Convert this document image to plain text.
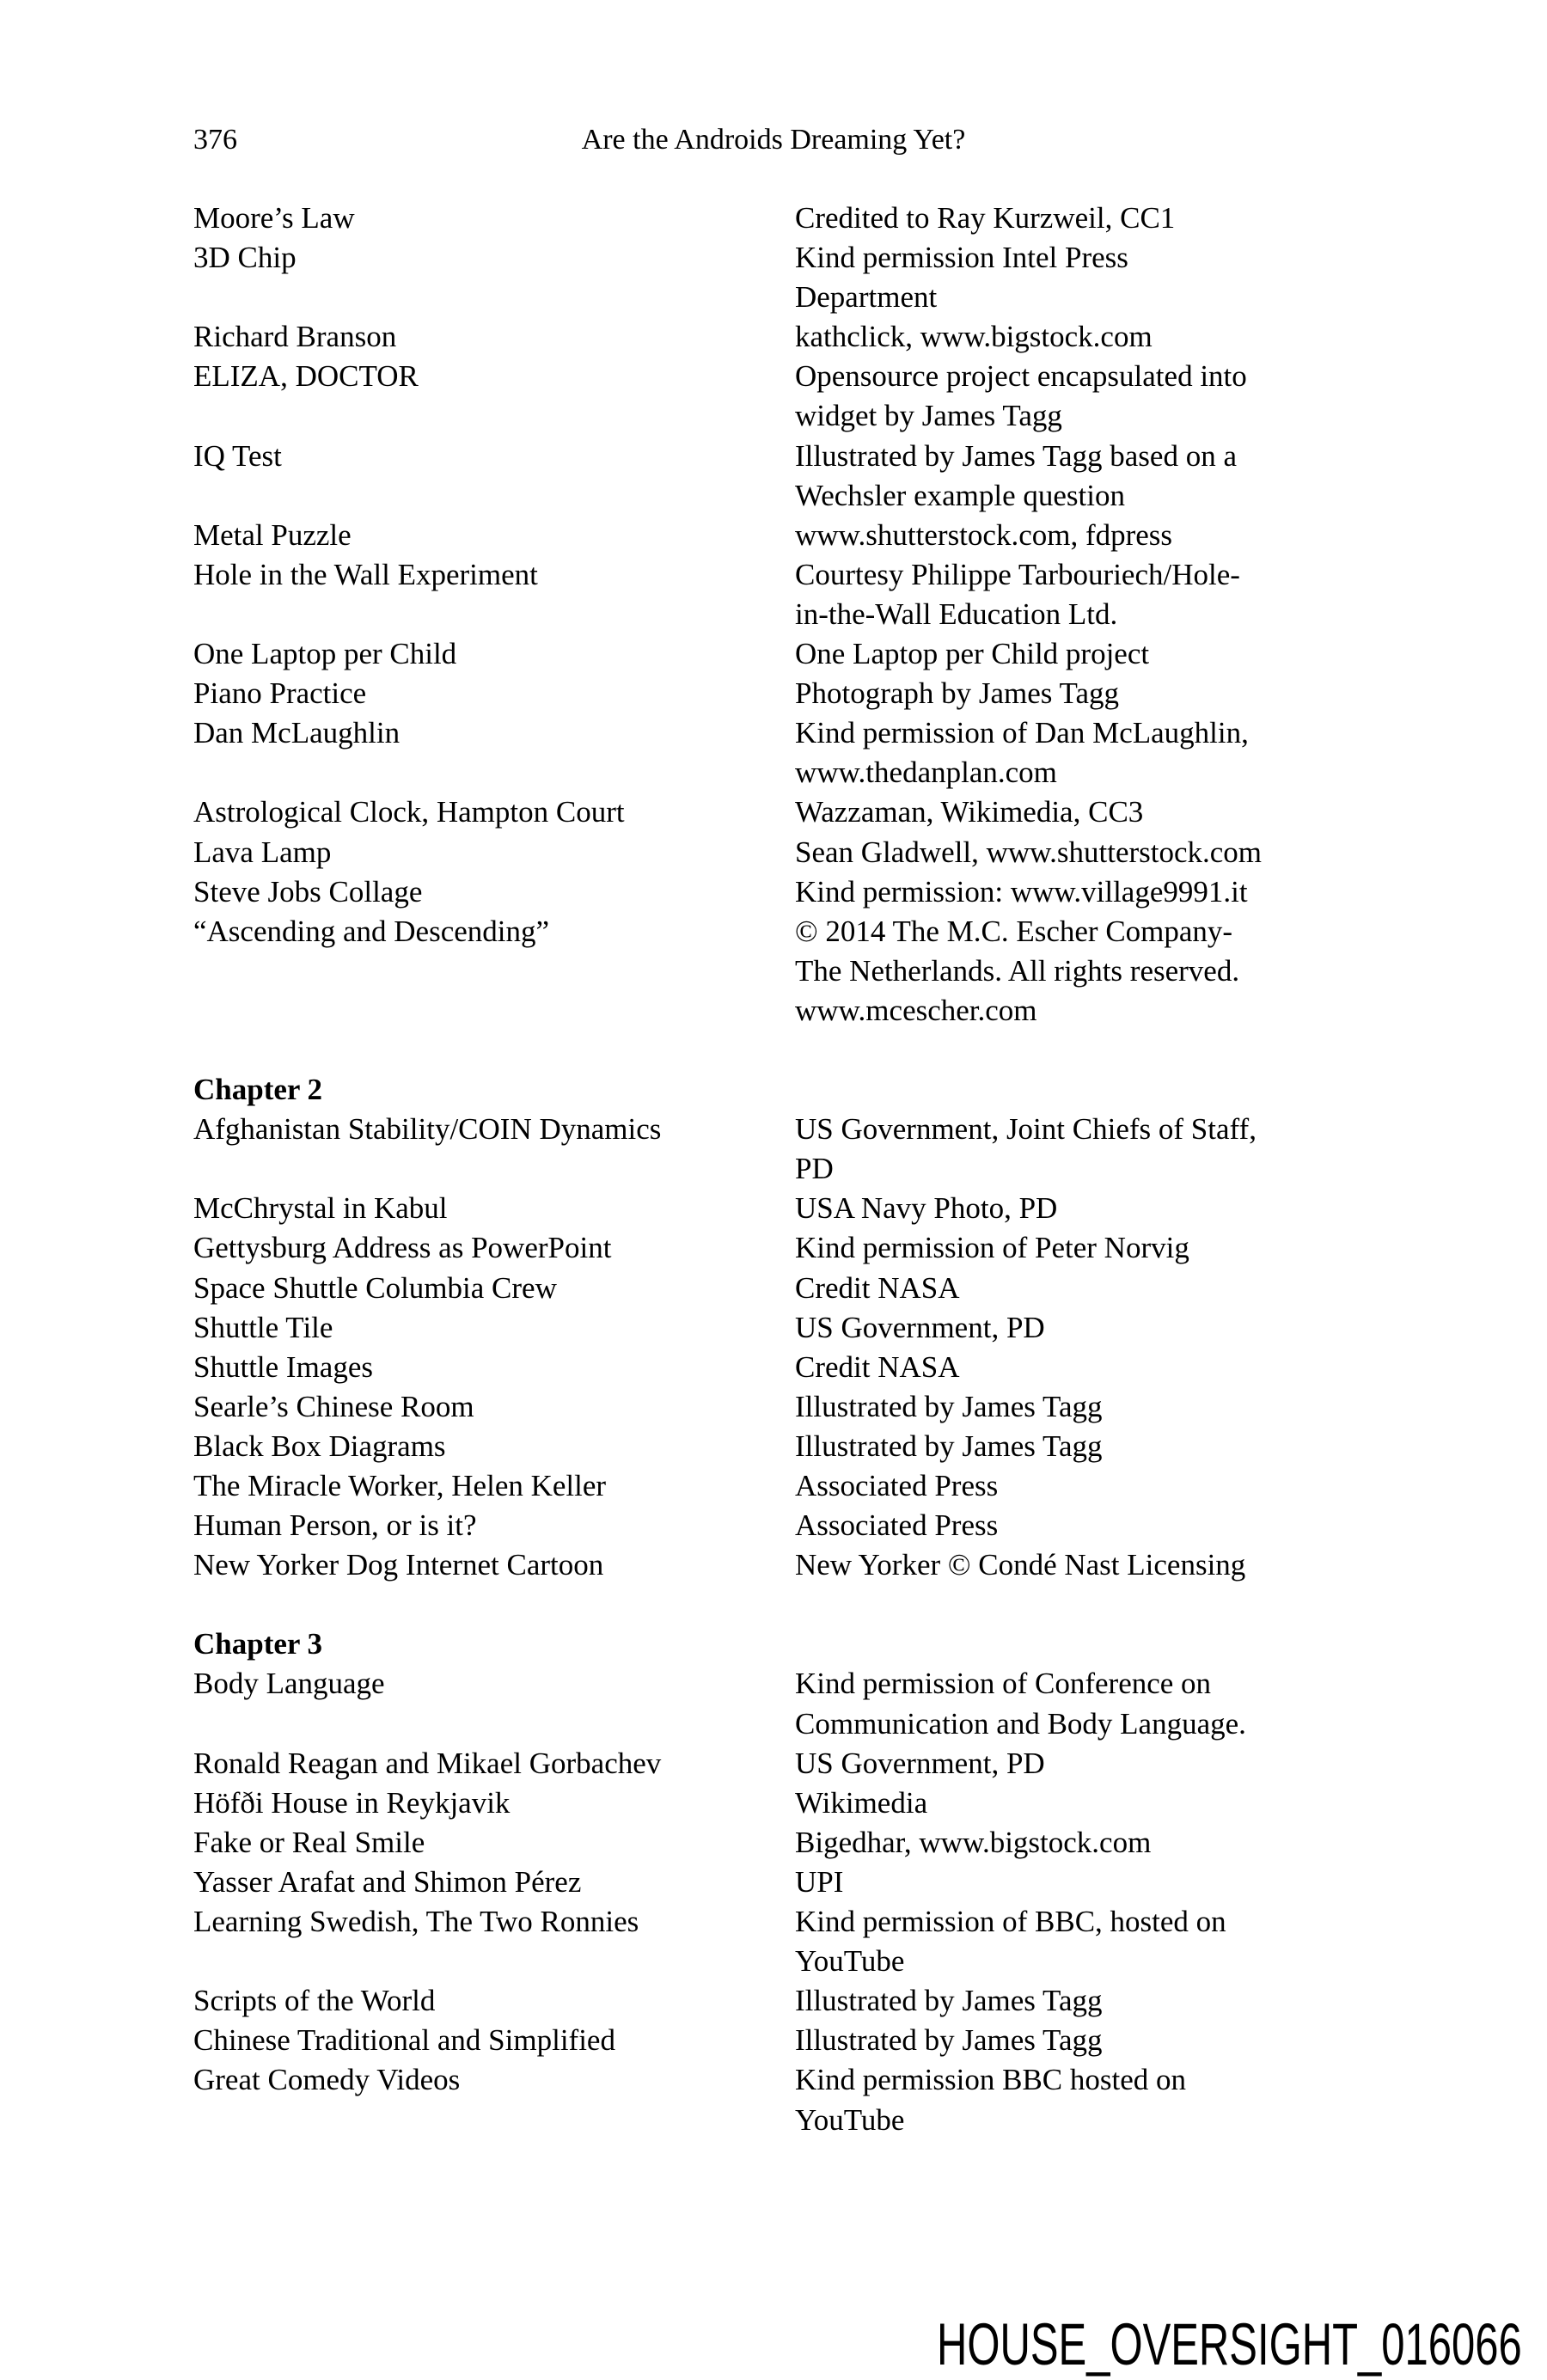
376	Are the Androids Dreaming Yet?
Moore’s Law	Credited to Ray Kurzweil, CC1
3D Chip	Kind permission Intel Press
Department
Richard Branson	kathclick, www.bigstock.com
ELIZA, DOCTOR	Opensource project encapsulated into
widget by James Tagg
IQ Test	Illustrated by James Tagg based on a
Wechsler example question
Metal Puzzle	www.shutterstock.com, fdpress
Hole in the Wall Experiment	Courtesy Philippe Tarbouriech/Hole-
in-the-Wall Education Ltd.
One Laptop per Child	One Laptop per Child project
Piano Practice	Photograph by James Tagg
Dan McLaughlin	Kind permission of Dan McLaughlin,
www.thedanplan.com
Astrological Clock, Hampton Court	Wazzaman, Wikimedia, CC3
Lava Lamp	Sean Gladwell, www.shutterstock.com
Steve Jobs Collage	Kind permission: www.village9991.it
“Ascending and Descending”	© 2014 The M.C. Escher Company-
The Netherlands. All rights reserved.
www.mcescher.com
Chapter 2
Afghanistan Stability/COIN Dynamics	US Government, Joint Chiefs of Staff,
PD
McChrystal in Kabul	USA Navy Photo, PD
Gettysburg Address as PowerPoint	Kind permission of Peter Norvig
Space Shuttle Columbia Crew	Credit NASA
Shuttle Tile	US Government, PD
Shuttle Images	Credit NASA
Searle’s Chinese Room	Illustrated by James Tagg
Black Box Diagrams	Illustrated by James Tagg
The Miracle Worker, Helen Keller	Associated Press
Human Person, or is it?	Associated Press
New Yorker Dog Internet Cartoon	New Yorker © Condé Nast Licensing
Chapter 3
Body Language	Kind permission of Conference on
Communication and Body Language.
Ronald Reagan and Mikael Gorbachev	US Government, PD
Höfði House in Reykjavik	Wikimedia
Fake or Real Smile	Bigedhar, www.bigstock.com
Yasser Arafat and Shimon Pérez	UPI
Learning Swedish, The Two Ronnies	Kind permission of BBC, hosted on
YouTube
Scripts of the World	Illustrated by James Tagg
Chinese Traditional and Simplified	Illustrated by James Tagg
Great Comedy Videos	Kind permission BBC hosted on
YouTube
HOUSE_OVERSIGHT_016066
